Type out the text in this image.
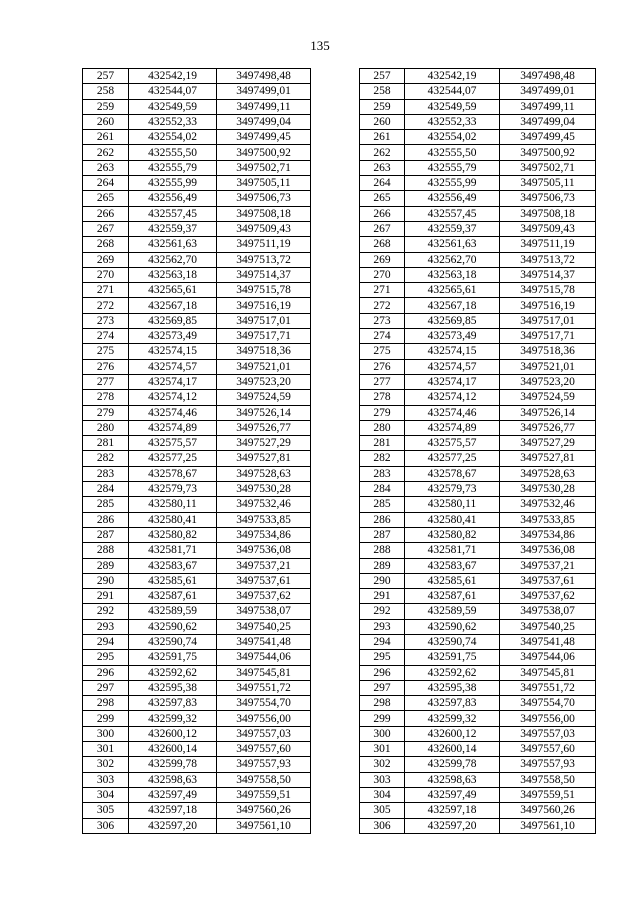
135
257	432542,19	3497498,48
258	432544,07	3497499,01
259	432549,59	3497499,11
260	432552,33	3497499,04
261	432554,02	3497499,45
262	432555,50	3497500,92
263	432555,79	3497502,71
264	432555,99	3497505,11
265	432556,49	3497506,73
266	432557,45	3497508,18
267	432559,37	3497509,43
268	432561,63	3497511,19
269	432562,70	3497513,72
270	432563,18	3497514,37
271	432565,61	3497515,78
272	432567,18	3497516,19
273	432569,85	3497517,01
274	432573,49	3497517,71
275	432574,15	3497518,36
276	432574,57	3497521,01
277	432574,17	3497523,20
278	432574,12	3497524,59
279	432574,46	3497526,14
280	432574,89	3497526,77
281	432575,57	3497527,29
282	432577,25	3497527,81
283	432578,67	3497528,63
284	432579,73	3497530,28
285	432580,11	3497532,46
286	432580,41	3497533,85
287	432580,82	3497534,86
288	432581,71	3497536,08
289	432583,67	3497537,21
290	432585,61	3497537,61
291	432587,61	3497537,62
292	432589,59	3497538,07
293	432590,62	3497540,25
294	432590,74	3497541,48
295	432591,75	3497544,06
296	432592,62	3497545,81
297	432595,38	3497551,72
298	432597,83	3497554,70
299	432599,32	3497556,00
300	432600,12	3497557,03
301	432600,14	3497557,60
302	432599,78	3497557,93
303	432598,63	3497558,50
304	432597,49	3497559,51
305	432597,18	3497560,26
306	432597,20	3497561,10
257	432542,19	3497498,48
258	432544,07	3497499,01
259	432549,59	3497499,11
260	432552,33	3497499,04
261	432554,02	3497499,45
262	432555,50	3497500,92
263	432555,79	3497502,71
264	432555,99	3497505,11
265	432556,49	3497506,73
266	432557,45	3497508,18
267	432559,37	3497509,43
268	432561,63	3497511,19
269	432562,70	3497513,72
270	432563,18	3497514,37
271	432565,61	3497515,78
272	432567,18	3497516,19
273	432569,85	3497517,01
274	432573,49	3497517,71
275	432574,15	3497518,36
276	432574,57	3497521,01
277	432574,17	3497523,20
278	432574,12	3497524,59
279	432574,46	3497526,14
280	432574,89	3497526,77
281	432575,57	3497527,29
282	432577,25	3497527,81
283	432578,67	3497528,63
284	432579,73	3497530,28
285	432580,11	3497532,46
286	432580,41	3497533,85
287	432580,82	3497534,86
288	432581,71	3497536,08
289	432583,67	3497537,21
290	432585,61	3497537,61
291	432587,61	3497537,62
292	432589,59	3497538,07
293	432590,62	3497540,25
294	432590,74	3497541,48
295	432591,75	3497544,06
296	432592,62	3497545,81
297	432595,38	3497551,72
298	432597,83	3497554,70
299	432599,32	3497556,00
300	432600,12	3497557,03
301	432600,14	3497557,60
302	432599,78	3497557,93
303	432598,63	3497558,50
304	432597,49	3497559,51
305	432597,18	3497560,26
306	432597,20	3497561,10
